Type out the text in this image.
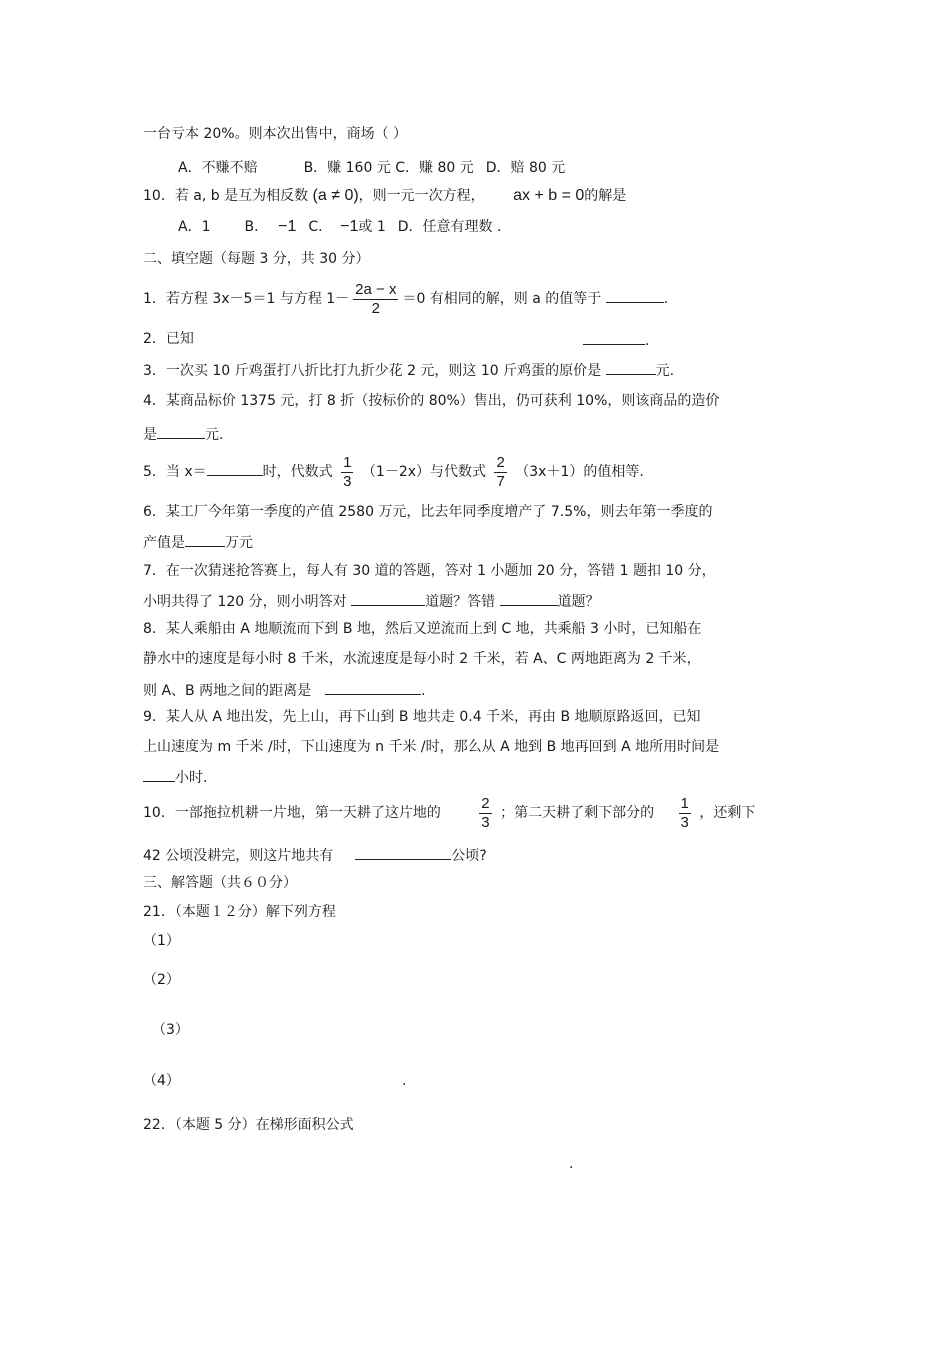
一台亏本 20%。则本次出售中，商场（ ）
A．不赚不赔	B．赚 160 元 C．赚 80 元 D．赔 80 元
10．若 a, b 是互为相反数 (a ≠ 0)，则一元一次方程， ax + b = 0的解是
A．1 B． −1 C． −1或 1 D．任意有理数 ．
二、填空题（每题 3 分，共 30 分）
1．若方程 3x－5＝1 与方程 $1- \frac{2a - x}{2} =0$ 有相同的解，则 a 的值等于	.
2．已知	.
3．一次买 10 斤鸡蛋打八折比打九折少花 2 元，则这 10 斤鸡蛋的原价是	元.
4．某商品标价 1375 元，打 8 折（按标价的 80%）售出，仍可获利 10%，则该商品的造价
是	元.
5．当 x＝	时，代数式 $\frac{1}{3} (1-2x)$与代数式 $\frac{2}{7} (3x+1)$的值相等.
6．某工厂今年第一季度的产值 2580 万元，比去年同季度增产了 7.5%，则去年第一季度的
产值是	万元
7．在一次猜迷抢答赛上，每人有 30 道的答题，答对 1 小题加 20 分，答错 1 题扣 10 分，
小明共得了 120 分，则小明答对	道题？答错	道题？
8．某人乘船由 A 地顺流而下到 B 地，然后又逆流而上到 C 地，共乘船 3 小时，已知船在
静水中的速度是每小时 8 千米，水流速度是每小时 2 千米，若 A、C 两地距离为 2 千米，
则 A、B 两地之间的距离是	.
9．某人从 A 地出发，先上山，再下山到 B 地共走 0.4 千米，再由 B 地顺原路返回，已知
上山速度为 m 千米 /时，下山速度为 n 千米 /时，那么从 A 地到 B 地再回到 A 地所用时间是
小时.
10．一部拖拉机耕一片地，第一天耕了这片地的	$\frac{2}{3}$ ；第二天耕了剩下部分的 $\frac{1}{3}$ ，还剩下
42 公顷没耕完，则这片地共有	公顷?
三、解答题（共６０分）
21．（本题１２分）解下列方程
（1）
（2）
（3）
（4）	.
22．（本题 5 分）在梯形面积公式
.
